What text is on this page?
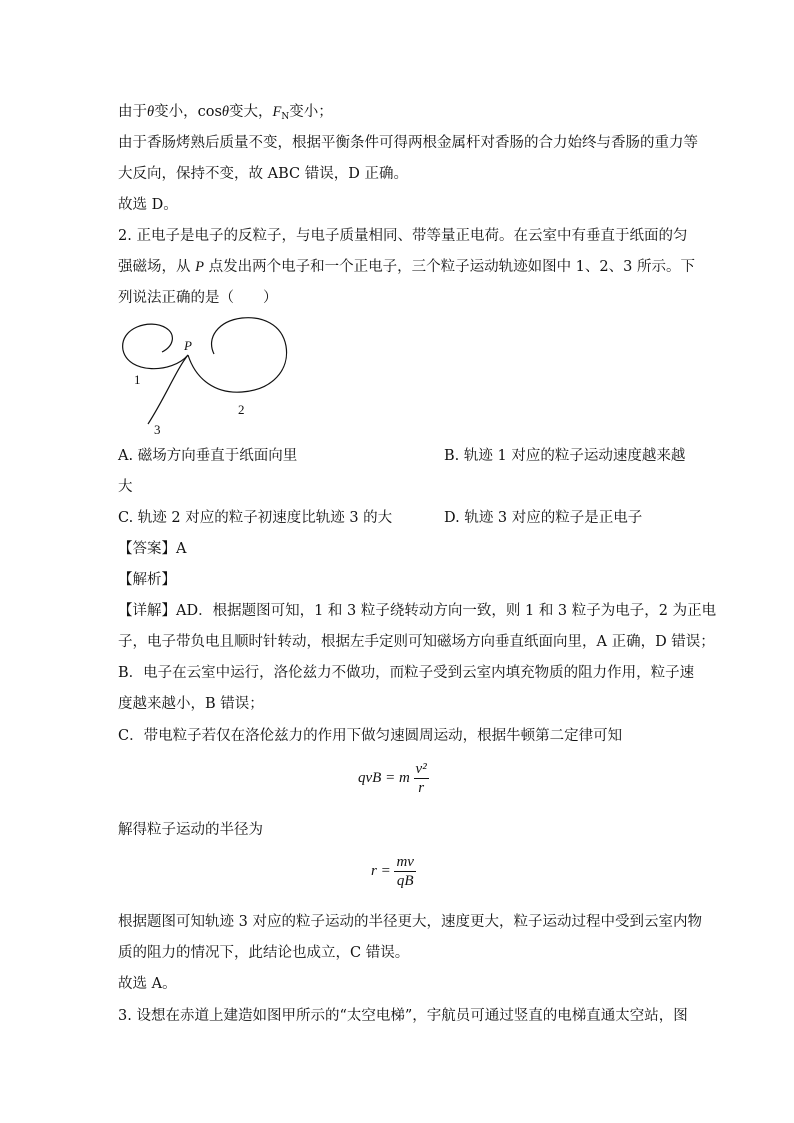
由于θ变小，cosθ变大，$F_N$变小；
由于香肠烤熟后质量不变，根据平衡条件可得两根金属杆对香肠的合力始终与香肠的重力等
大反向，保持不变，故 ABC 错误，D 正确。
故选 D。
2. 正电子是电子的反粒子，与电子质量相同、带等量正电荷。在云室中有垂直于纸面的匀
强磁场，从 P 点发出两个电子和一个正电子，三个粒子运动轨迹如图中 1、2、3 所示。下
列说法正确的是（　　）
P
1
2
3
A. 磁场方向垂直于纸面向里	B. 轨迹 1 对应的粒子运动速度越来越
大
C. 轨迹 2 对应的粒子初速度比轨迹 3 的大	D. 轨迹 3 对应的粒子是正电子
【答案】A
【解析】
【详解】AD．根据题图可知，1 和 3 粒子绕转动方向一致，则 1 和 3 粒子为电子，2 为正电
子，电子带负电且顺时针转动，根据左手定则可知磁场方向垂直纸面向里，A 正确，D 错误；
B．电子在云室中运行，洛伦兹力不做功，而粒子受到云室内填充物质的阻力作用，粒子速
度越来越小，B 错误；
C．带电粒子若仅在洛伦兹力的作用下做匀速圆周运动，根据牛顿第二定律可知
qvB = m $\frac{\text{v²}}{r}$
解得粒子运动的半径为
$r = \frac{mv}{qB}$
根据题图可知轨迹 3 对应的粒子运动的半径更大，速度更大，粒子运动过程中受到云室内物
质的阻力的情况下，此结论也成立，C 错误。
故选 A。
3. 设想在赤道上建造如图甲所示的“太空电梯”，宇航员可通过竖直的电梯直通太空站，图
